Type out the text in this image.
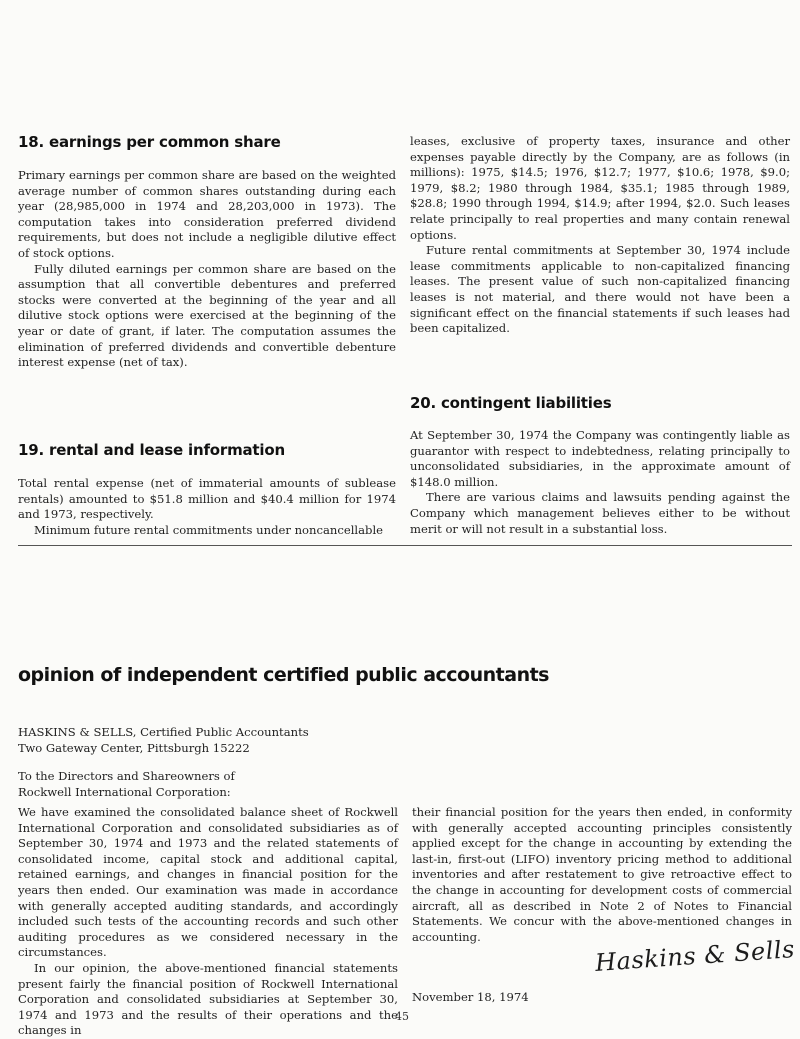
18. earnings per common share

Primary earnings per common share are based on the weighted average number of common shares outstanding during each year (28,985,000 in 1974 and 28,203,000 in 1973). The computation takes into consideration preferred dividend requirements, but does not include a negligible dilutive effect of stock options.

Fully diluted earnings per common share are based on the assumption that all convertible debentures and preferred stocks were converted at the beginning of the year and all dilutive stock options were exercised at the beginning of the year or date of grant, if later. The computation assumes the elimination of preferred dividends and convertible debenture interest expense (net of tax).

19. rental and lease information

Total rental expense (net of immaterial amounts of sublease rentals) amounted to $51.8 million and $40.4 million for 1974 and 1973, respectively.

Minimum future rental commitments under noncancellable

leases, exclusive of property taxes, insurance and other expenses payable directly by the Company, are as follows (in millions): 1975, $14.5; 1976, $12.7; 1977, $10.6; 1978, $9.0; 1979, $8.2; 1980 through 1984, $35.1; 1985 through 1989, $28.8; 1990 through 1994, $14.9; after 1994, $2.0. Such leases relate principally to real properties and many contain renewal options.

Future rental commitments at September 30, 1974 include lease commitments applicable to non-capitalized financing leases. The present value of such non-capitalized financing leases is not material, and there would not have been a significant effect on the financial statements if such leases had been capitalized.

20. contingent liabilities

At September 30, 1974 the Company was contingently liable as guarantor with respect to indebtedness, relating principally to unconsolidated subsidiaries, in the approximate amount of $148.0 million.

There are various claims and lawsuits pending against the Company which management believes either to be without merit or will not result in a substantial loss.

opinion of independent certified public accountants

HASKINS & SELLS, Certified Public Accountants

Two Gateway Center, Pittsburgh 15222

To the Directors and Shareowners of

Rockwell International Corporation:

We have examined the consolidated balance sheet of Rockwell International Corporation and consolidated subsidiaries as of September 30, 1974 and 1973 and the related statements of consolidated income, capital stock and additional capital, retained earnings, and changes in financial position for the years then ended. Our examination was made in accordance with generally accepted auditing standards, and accordingly included such tests of the accounting records and such other auditing procedures as we considered necessary in the circumstances.

In our opinion, the above-mentioned financial statements present fairly the financial position of Rockwell International Corporation and consolidated subsidiaries at September 30, 1974 and 1973 and the results of their operations and the changes in

their financial position for the years then ended, in conformity with generally accepted accounting principles consistently applied except for the change in accounting by extending the last-in, first-out (LIFO) inventory pricing method to additional inventories and after restatement to give retroactive effect to the change in accounting for development costs of commercial aircraft, all as described in Note 2 of Notes to Financial Statements. We concur with the above-mentioned changes in accounting.	Haskins & Sells

November 18, 1974

45
